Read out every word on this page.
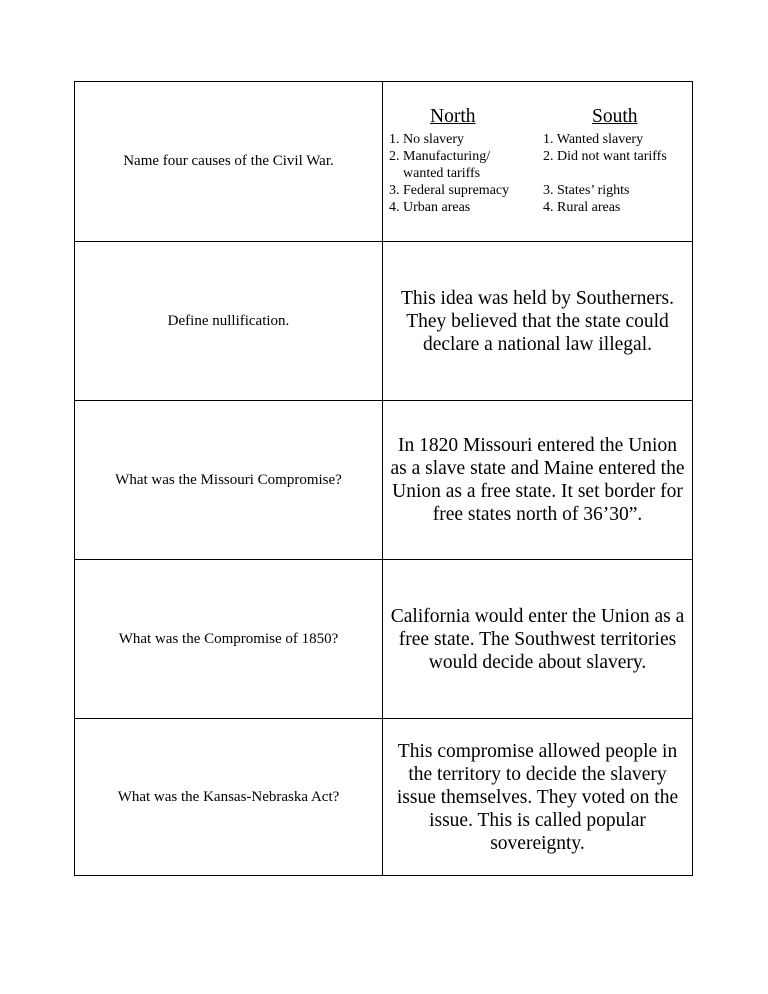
Name four causes of the Civil War.
North
1. No slavery
2. Manufacturing/
wanted tariffs
3. Federal supremacy
4. Urban areas
South
1. Wanted slavery
2. Did not want tariffs
3. States’ rights
4. Rural areas
Define nullification.
This idea was held by Southerners. They believed that the state could declare a national law illegal.
What was the Missouri Compromise?
In 1820 Missouri entered the Union as a slave state and Maine entered the Union as a free state. It set border for free states north of 36’30”.
What was the Compromise of 1850?
California would enter the Union as a free state. The Southwest territories would decide about slavery.
What was the Kansas-Nebraska Act?
This compromise allowed people in the territory to decide the slavery issue themselves. They voted on the issue. This is called popular sovereignty.
